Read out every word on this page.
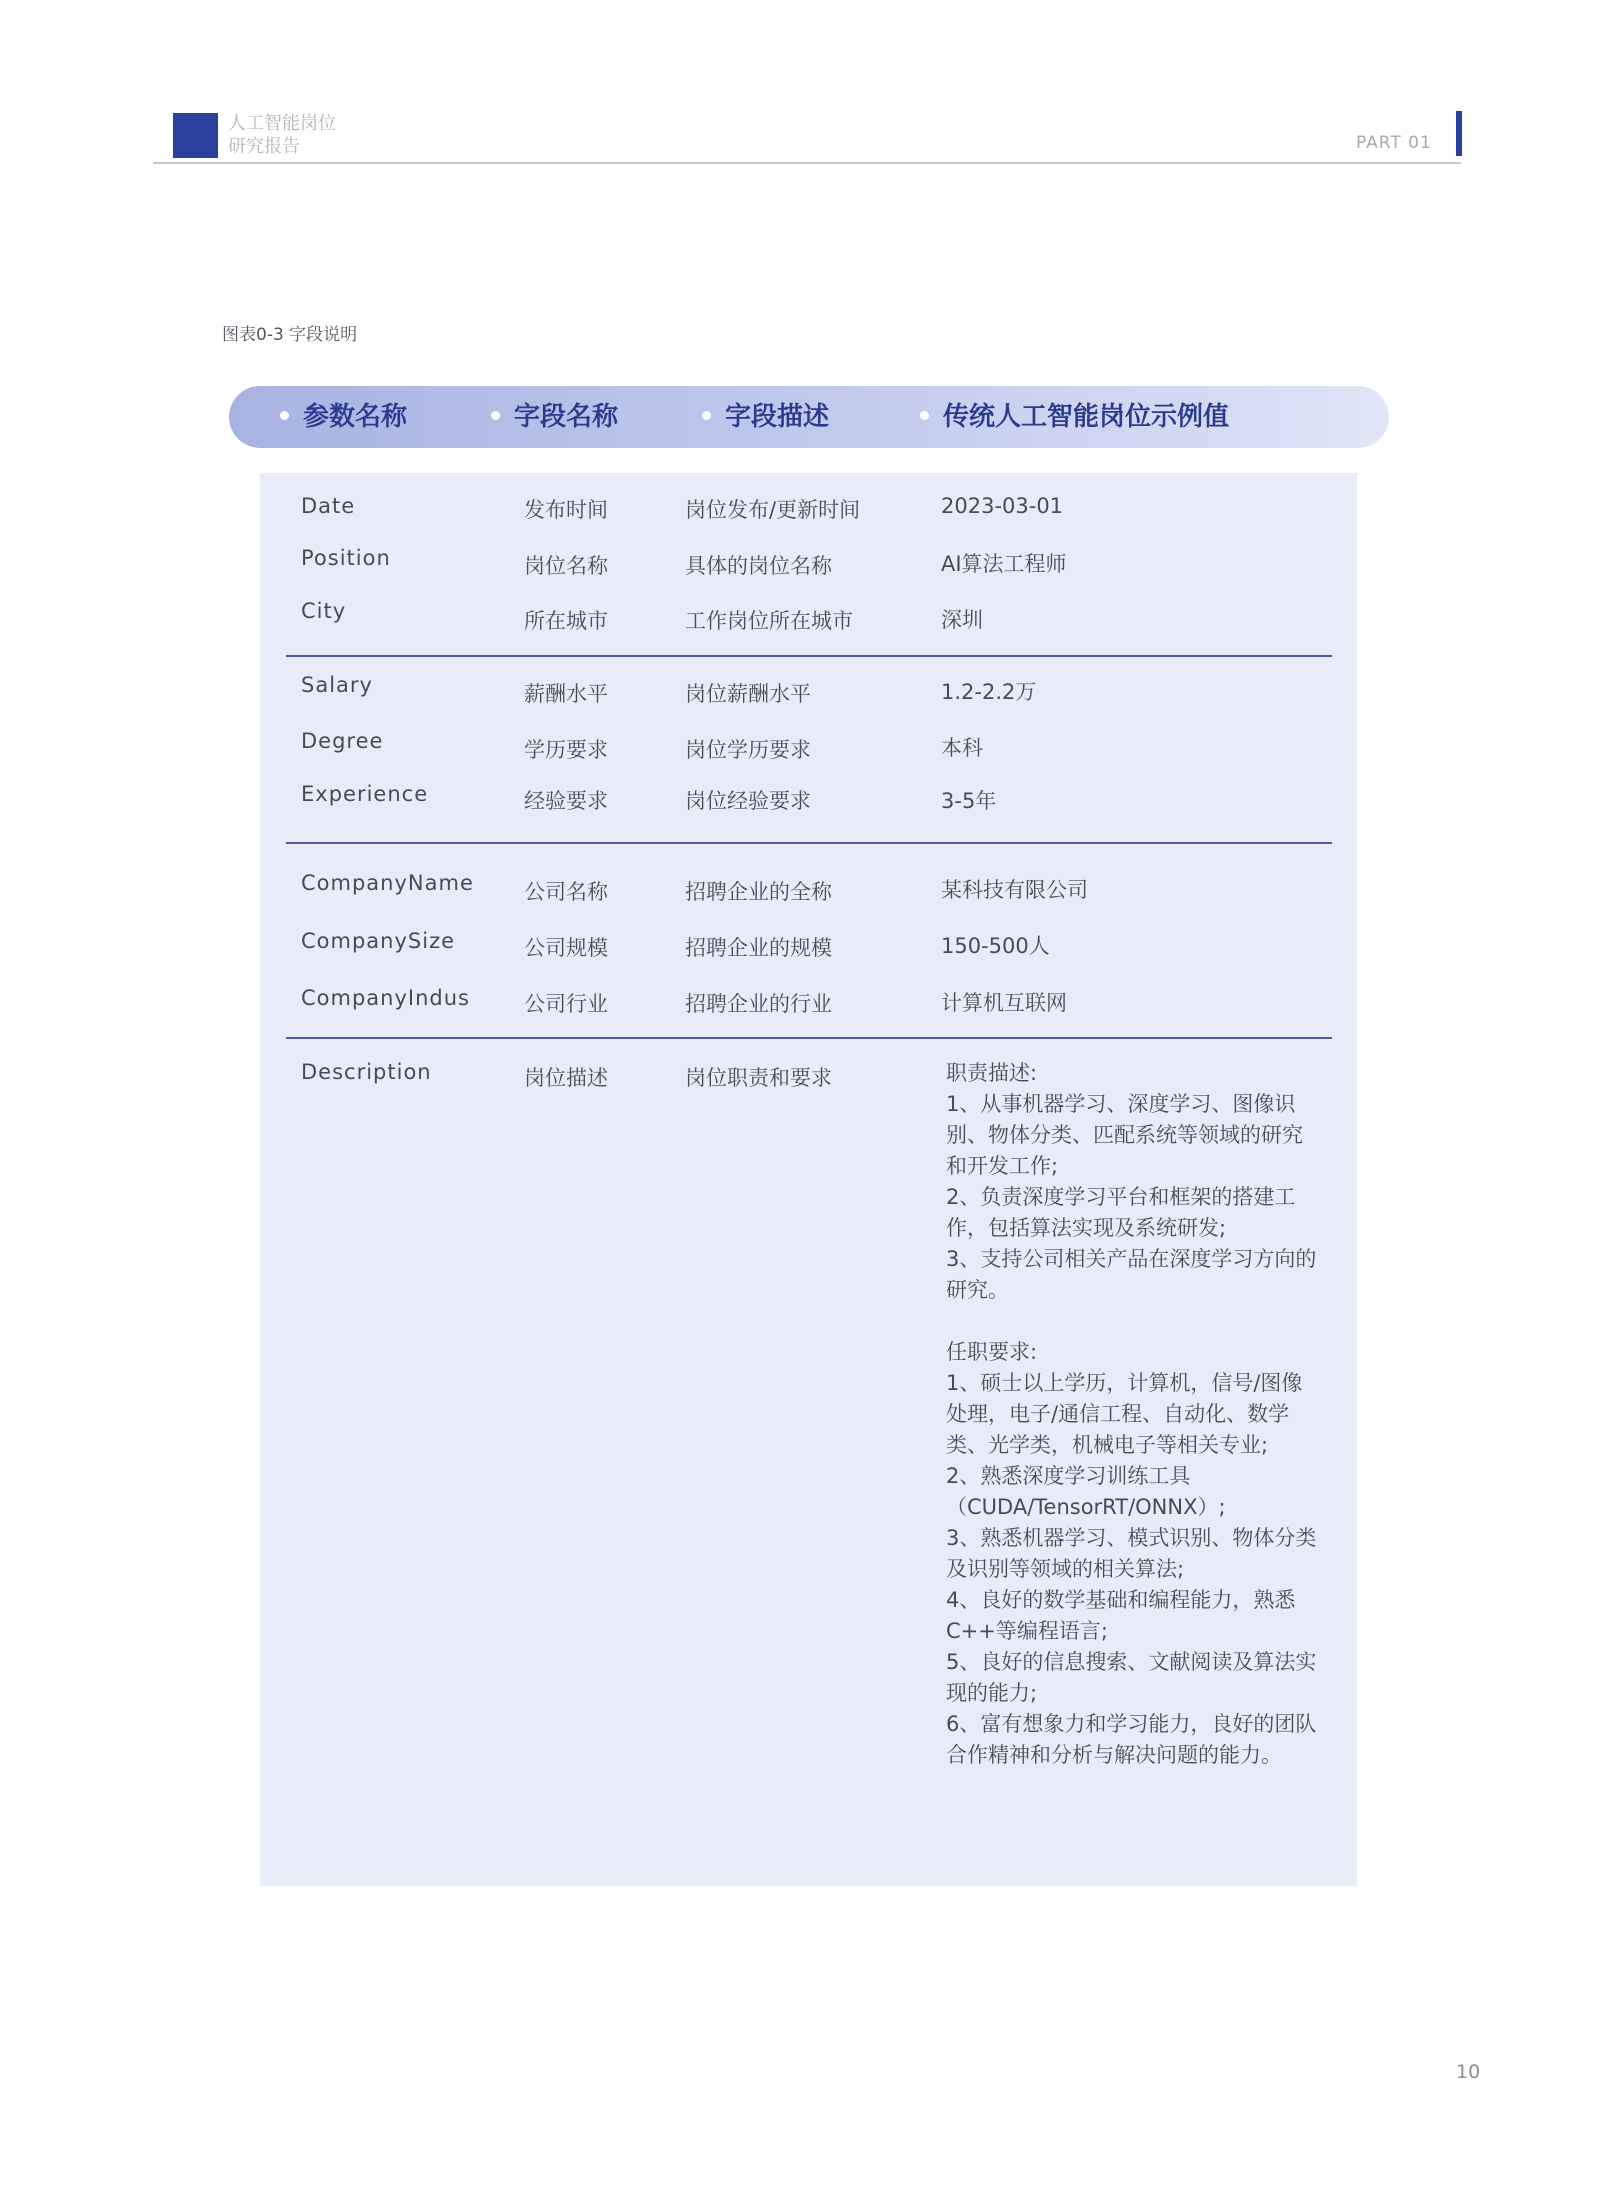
人工智能岗位
研究报告	PART 01
图表0-3 字段说明
参数名称	字段名称	字段描述	传统人工智能岗位示例值
Date	发布时间	岗位发布/更新时间	2023-03-01
Position	岗位名称	具体的岗位名称	AI算法工程师
City	所在城市	工作岗位所在城市	深圳
Salary	薪酬水平	岗位薪酬水平	1.2-2.2万
Degree	学历要求	岗位学历要求	本科
Experience	经验要求	岗位经验要求	3-5年
CompanyName 公司名称	招聘企业的全称	某科技有限公司
CompanySize	公司规模	招聘企业的规模	150-500人
CompanyIndus	公司行业	招聘企业的行业	计算机互联网
Description	岗位描述	岗位职责和要求	职责描述:
1、从事机器学习、深度学习、图像识
别、物体分类、匹配系统等领域的研究
和开发工作;
2、负责深度学习平台和框架的搭建工
作，包括算法实现及系统研发;
3、支持公司相关产品在深度学习方向的
研究。
任职要求:
1、硕士以上学历，计算机，信号/图像
处理，电子/通信工程、自动化、数学
类、光学类，机械电子等相关专业;
2、熟悉深度学习训练工具
（CUDA/TensorRT/ONNX）;
3、熟悉机器学习、模式识别、物体分类
及识别等领域的相关算法;
4、良好的数学基础和编程能力，熟悉
C++等编程语言;
5、良好的信息搜索、文献阅读及算法实
现的能力;
6、富有想象力和学习能力，良好的团队
合作精神和分析与解决问题的能力。
10
